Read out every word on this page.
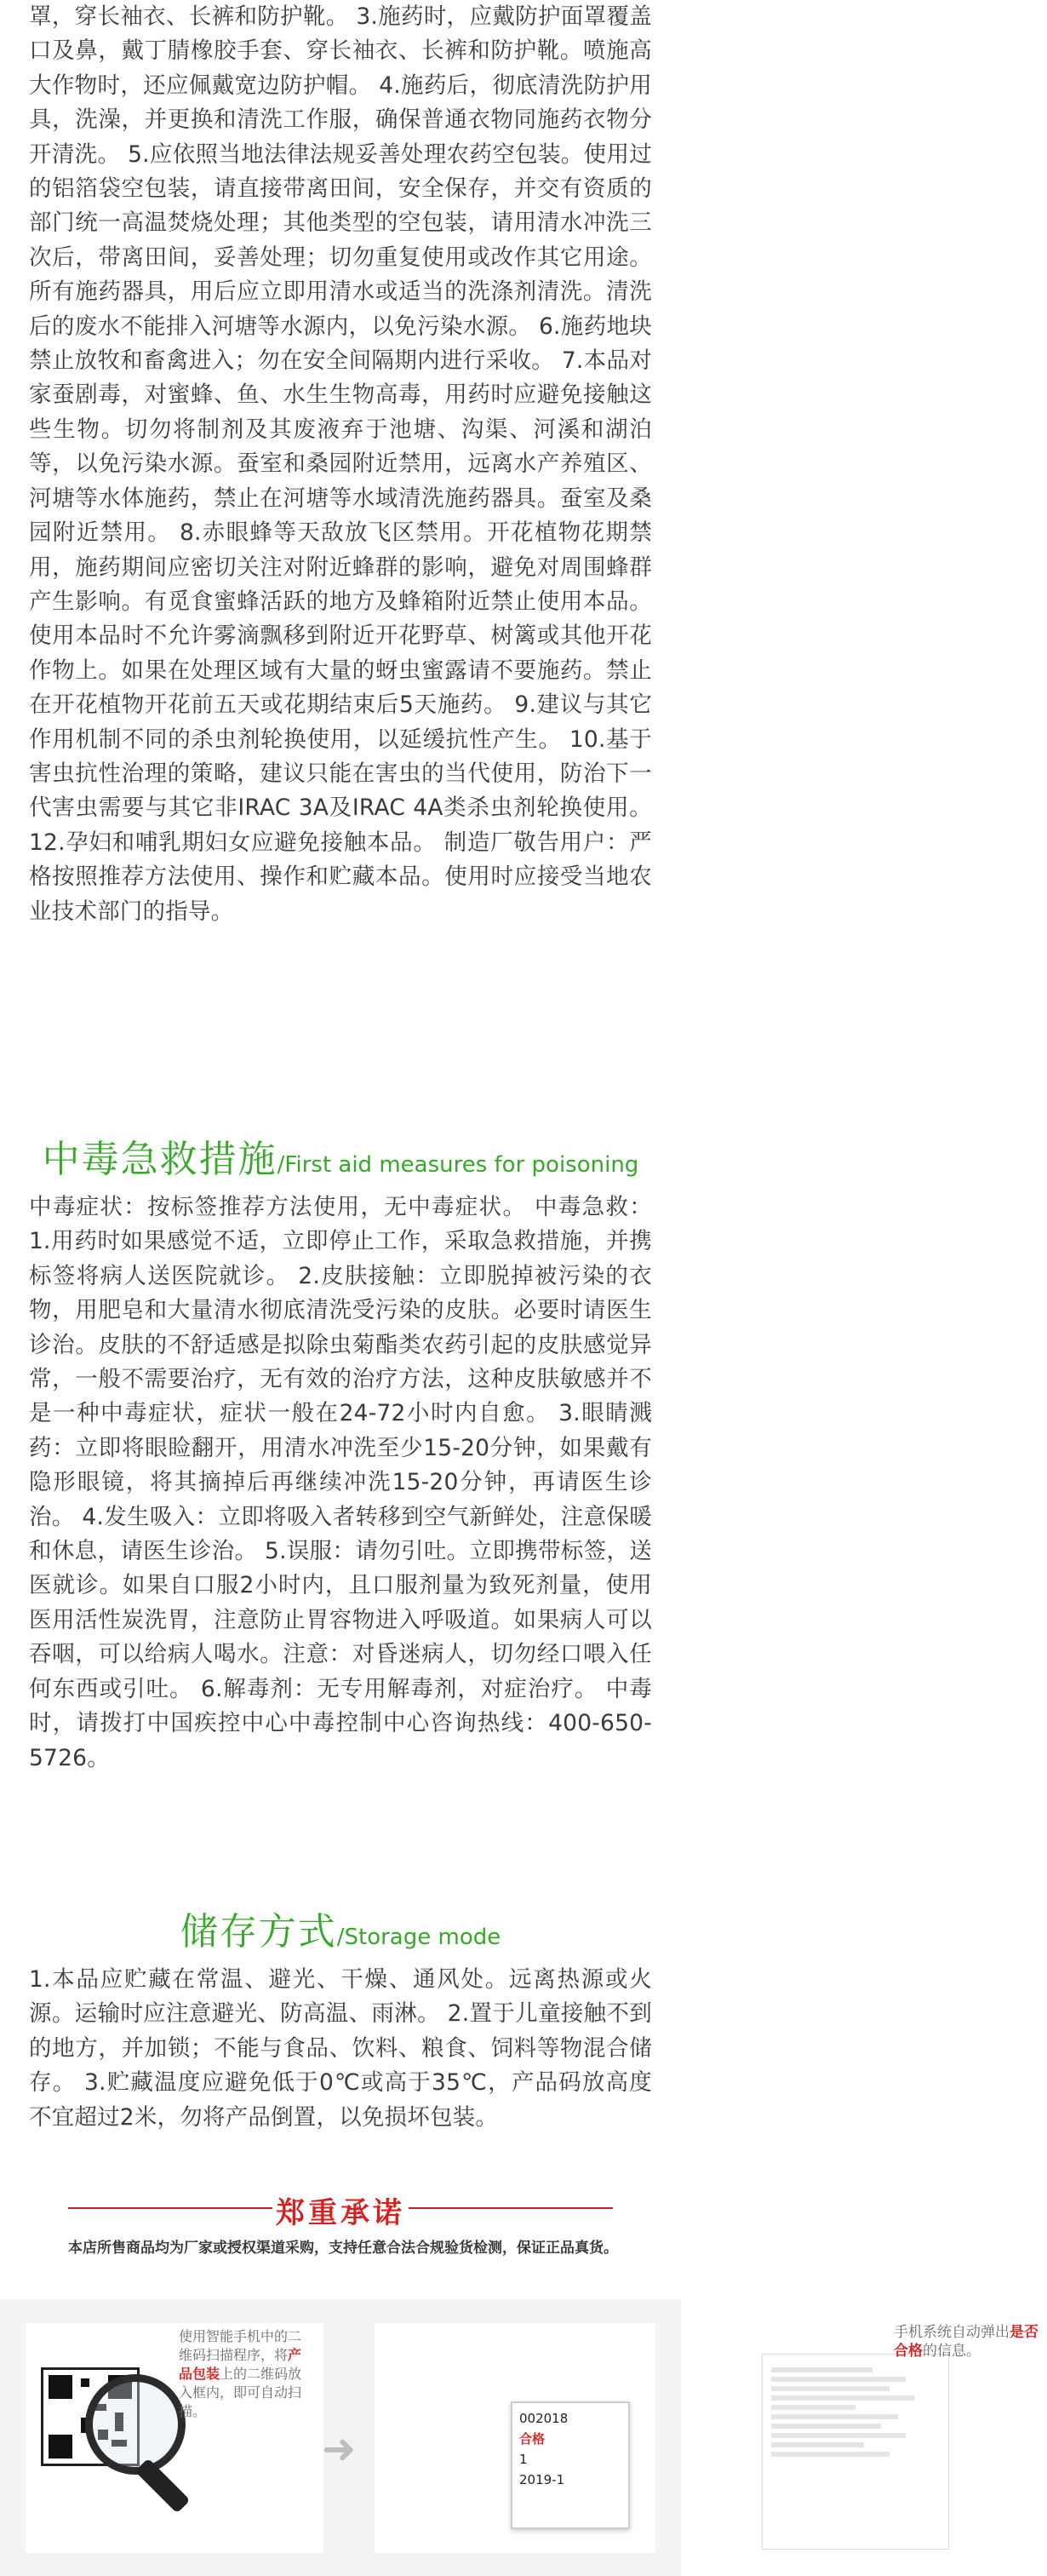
罩，穿长袖衣、长裤和防护靴。 3.施药时，应戴防护面罩覆盖口及鼻，戴丁腈橡胶手套、穿长袖衣、长裤和防护靴。喷施高大作物时，还应佩戴宽边防护帽。 4.施药后，彻底清洗防护用具，洗澡，并更换和清洗工作服，确保普通衣物同施药衣物分开清洗。 5.应依照当地法律法规妥善处理农药空包装。使用过的铝箔袋空包装，请直接带离田间，安全保存，并交有资质的部门统一高温焚烧处理；其他类型的空包装，请用清水冲洗三次后，带离田间，妥善处理；切勿重复使用或改作其它用途。所有施药器具，用后应立即用清水或适当的洗涤剂清洗。清洗后的废水不能排入河塘等水源内，以免污染水源。 6.施药地块禁止放牧和畜禽进入；勿在安全间隔期内进行采收。 7.本品对家蚕剧毒，对蜜蜂、鱼、水生生物高毒，用药时应避免接触这些生物。切勿将制剂及其废液弃于池塘、沟渠、河溪和湖泊等，以免污染水源。蚕室和桑园附近禁用，远离水产养殖区、河塘等水体施药，禁止在河塘等水域清洗施药器具。蚕室及桑园附近禁用。 8.赤眼蜂等天敌放飞区禁用。开花植物花期禁用，施药期间应密切关注对附近蜂群的影响，避免对周围蜂群产生影响。有觅食蜜蜂活跃的地方及蜂箱附近禁止使用本品。使用本品时不允许雾滴飘移到附近开花野草、树篱或其他开花作物上。如果在处理区域有大量的蚜虫蜜露请不要施药。禁止在开花植物开花前五天或花期结束后5天施药。 9.建议与其它作用机制不同的杀虫剂轮换使用，以延缓抗性产生。 10.基于害虫抗性治理的策略，建议只能在害虫的当代使用，防治下一代害虫需要与其它非IRAC 3A及IRAC 4A类杀虫剂轮换使用。 12.孕妇和哺乳期妇女应避免接触本品。 制造厂敬告用户：严格按照推荐方法使用、操作和贮藏本品。使用时应接受当地农业技术部门的指导。
中毒急救措施/First aid measures for poisoning
中毒症状：按标签推荐方法使用，无中毒症状。 中毒急救： 1.用药时如果感觉不适，立即停止工作，采取急救措施，并携标签将病人送医院就诊。 2.皮肤接触：立即脱掉被污染的衣物，用肥皂和大量清水彻底清洗受污染的皮肤。必要时请医生诊治。皮肤的不舒适感是拟除虫菊酯类农药引起的皮肤感觉异常，一般不需要治疗，无有效的治疗方法，这种皮肤敏感并不是一种中毒症状，症状一般在24-72小时内自愈。 3.眼睛溅药：立即将眼睑翻开，用清水冲洗至少15-20分钟，如果戴有隐形眼镜，将其摘掉后再继续冲洗15-20分钟，再请医生诊治。 4.发生吸入：立即将吸入者转移到空气新鲜处，注意保暖和休息，请医生诊治。 5.误服：请勿引吐。立即携带标签，送医就诊。如果自口服2小时内，且口服剂量为致死剂量，使用医用活性炭洗胃，注意防止胃容物进入呼吸道。如果病人可以吞咽，可以给病人喝水。注意：对昏迷病人，切勿经口喂入任何东西或引吐。 6.解毒剂：无专用解毒剂，对症治疗。 中毒时，请拨打中国疾控中心中毒控制中心咨询热线：400-650-5726。
储存方式/Storage mode
1.本品应贮藏在常温、避光、干燥、通风处。远离热源或火源。运输时应注意避光、防高温、雨淋。 2.置于儿童接触不到的地方，并加锁；不能与食品、饮料、粮食、饲料等物混合储存。 3.贮藏温度应避免低于0℃或高于35℃，产品码放高度不宜超过2米，勿将产品倒置，以免损坏包装。
郑重承诺
本店所售商品均为厂家或授权渠道采购，支持任意合法合规验货检测，保证正品真货。
使用智能手机中的二维码扫描程序，将产品包装上的二维码放入框内，即可自动扫描。
➜
手机系统自动弹出是否合格的信息。
002018
合格
1
2019-1
